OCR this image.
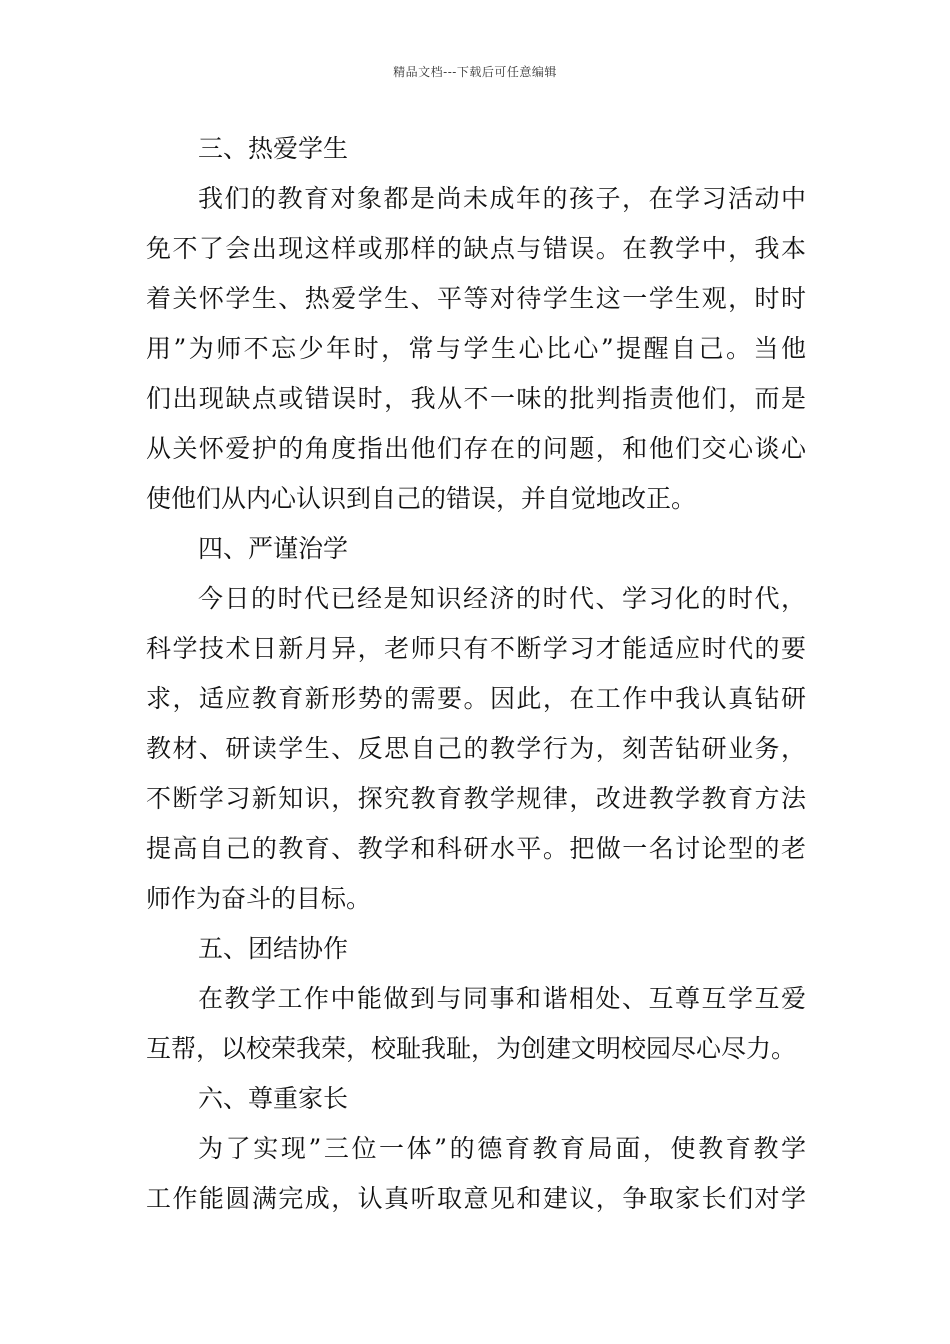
精品文档---下载后可任意编辑
三、热爱学生
我们的教育对象都是尚未成年的孩子，在学习活动中
免不了会出现这样或那样的缺点与错误。在教学中，我本
着关怀学生、热爱学生、平等对待学生这一学生观，时时
用”为师不忘少年时，常与学生心比心”提醒自己。当他
们出现缺点或错误时，我从不一味的批判指责他们，而是
从关怀爱护的角度指出他们存在的问题，和他们交心谈心
使他们从内心认识到自己的错误，并自觉地改正。
四、严谨治学
今日的时代已经是知识经济的时代、学习化的时代，
科学技术日新月异，老师只有不断学习才能适应时代的要
求，适应教育新形势的需要。因此，在工作中我认真钻研
教材、研读学生、反思自己的教学行为，刻苦钻研业务，
不断学习新知识，探究教育教学规律，改进教学教育方法
提高自己的教育、教学和科研水平。把做一名讨论型的老
师作为奋斗的目标。
五、团结协作
在教学工作中能做到与同事和谐相处、互尊互学互爱
互帮，以校荣我荣，校耻我耻，为创建文明校园尽心尽力。
六、尊重家长
为了实现”三位一体”的德育教育局面，使教育教学
工作能圆满完成，认真听取意见和建议，争取家长们对学
